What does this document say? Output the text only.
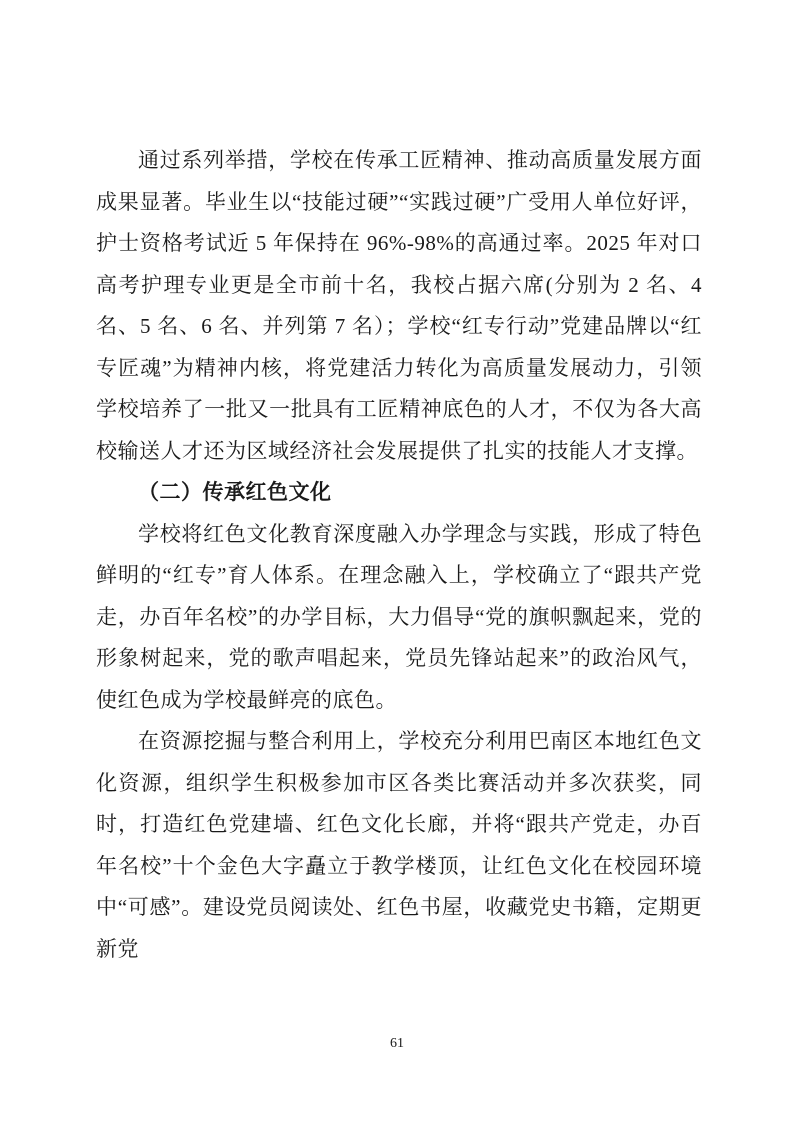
通过系列举措，学校在传承工匠精神、推动高质量发展方面成果显著。毕业生以“技能过硬”“实践过硬”广受用人单位好评，护士资格考试近 5 年保持在 96%-98%的高通过率。2025 年对口高考护理专业更是全市前十名，我校占据六席(分别为 2 名、4 名、5 名、6 名、并列第 7 名）；学校“红专行动”党建品牌以“红专匠魂”为精神内核，将党建活力转化为高质量发展动力，引领学校培养了一批又一批具有工匠精神底色的人才，不仅为各大高校输送人才还为区域经济社会发展提供了扎实的技能人才支撑。

（二）传承红色文化

学校将红色文化教育深度融入办学理念与实践，形成了特色鲜明的“红专”育人体系。在理念融入上，学校确立了“跟共产党走，办百年名校”的办学目标，大力倡导“党的旗帜飘起来，党的形象树起来，党的歌声唱起来，党员先锋站起来”的政治风气，使红色成为学校最鲜亮的底色。

在资源挖掘与整合利用上，学校充分利用巴南区本地红色文化资源，组织学生积极参加市区各类比赛活动并多次获奖，同时，打造红色党建墙、红色文化长廊，并将“跟共产党走，办百年名校”十个金色大字矗立于教学楼顶，让红色文化在校园环境中“可感”。建设党员阅读处、红色书屋，收藏党史书籍，定期更新党

61
